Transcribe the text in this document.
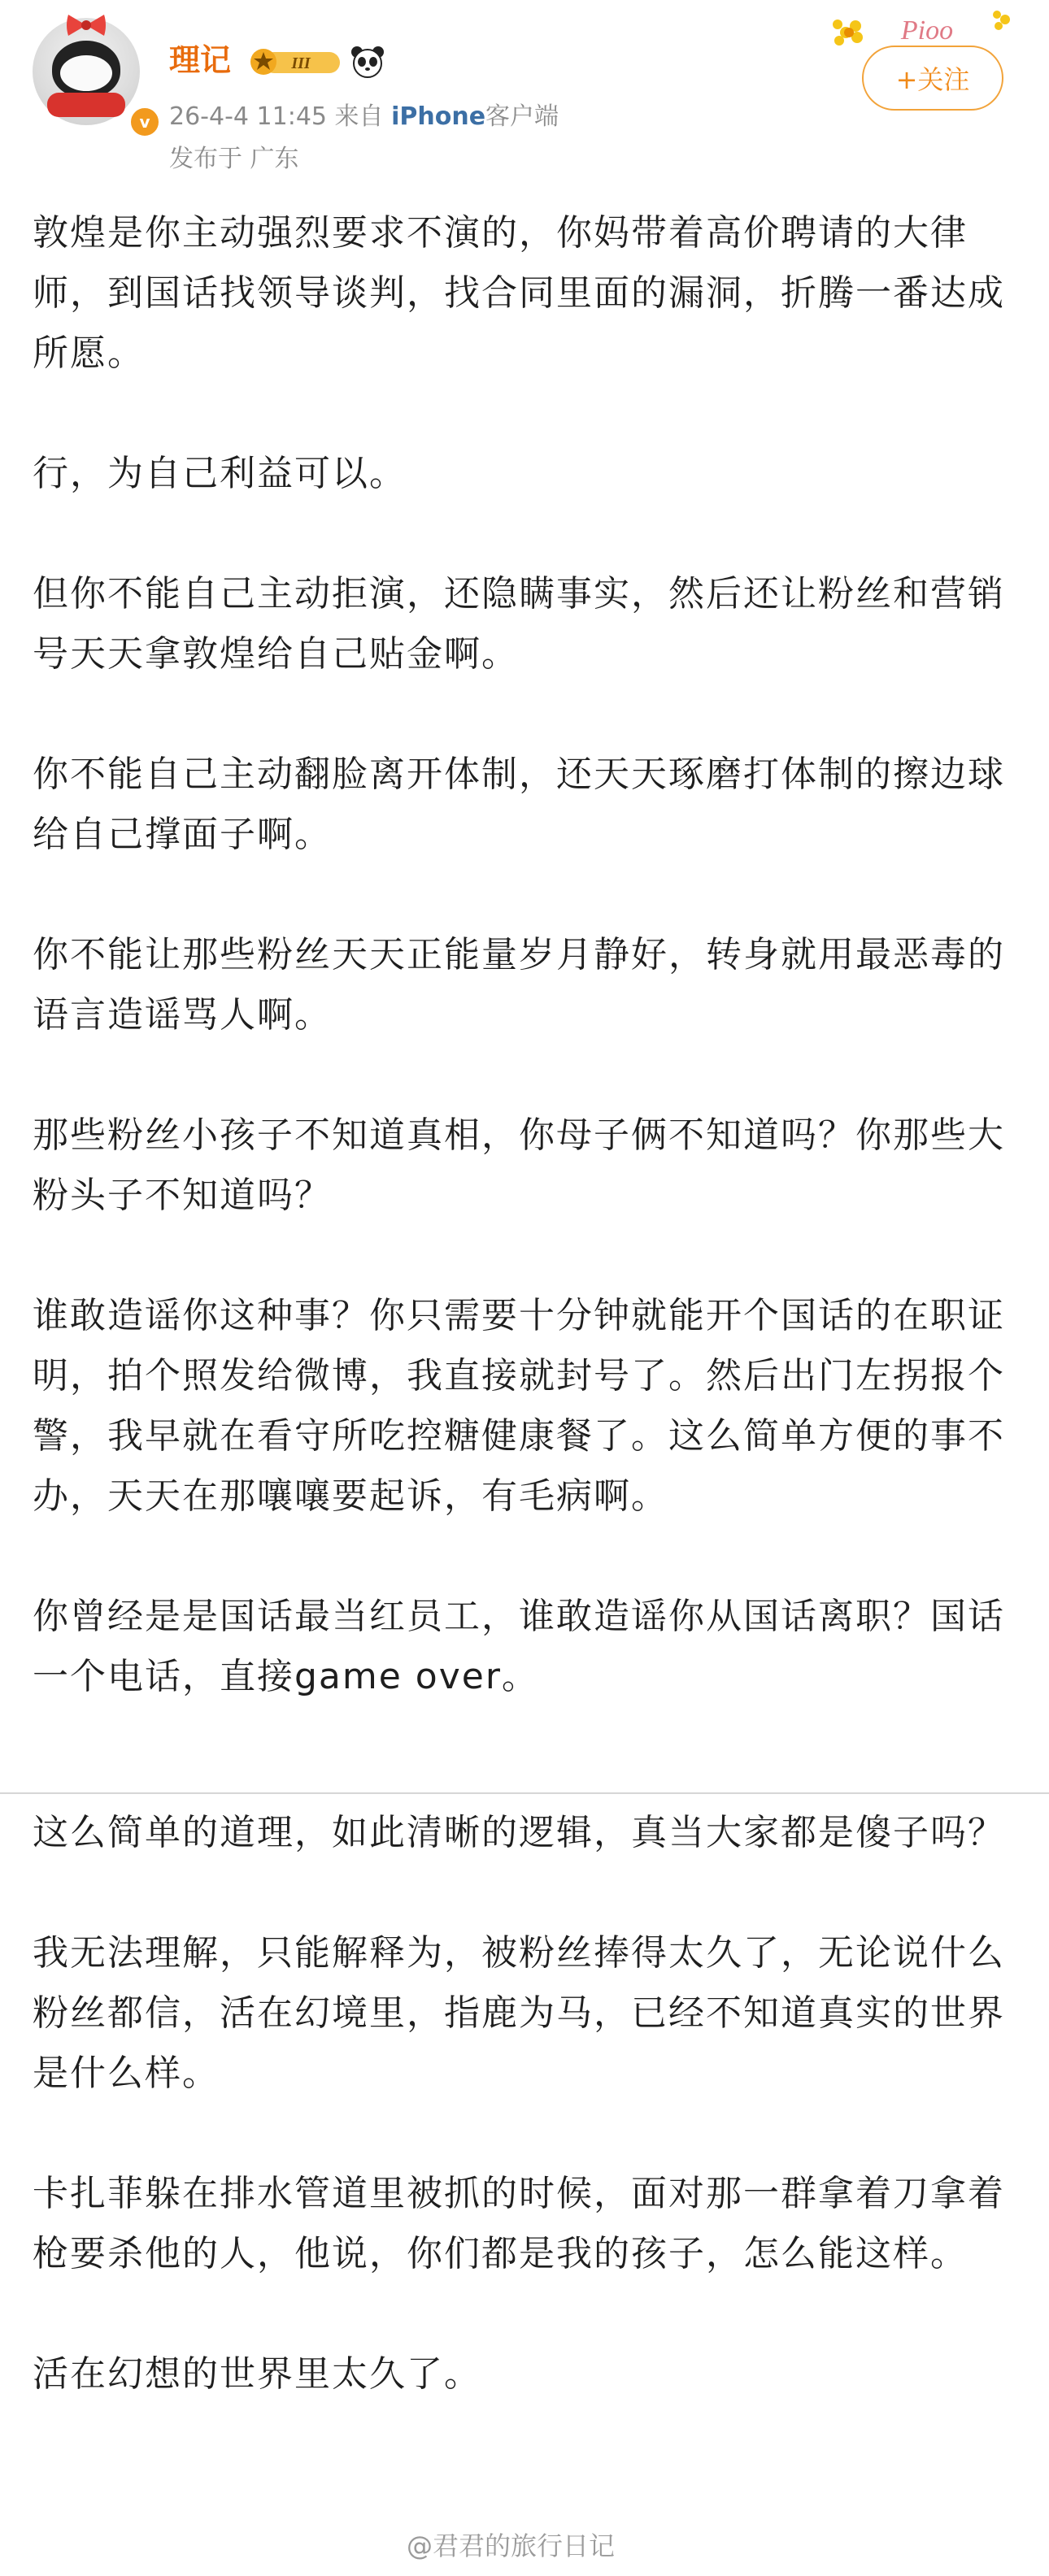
v
理记	III
26-4-4 11:45 来自 iPhone客户端
发布于 广东
Pioo
+关注

敦煌是你主动强烈要求不演的，你妈带着高价聘请的大律师，到国话找领导谈判，找合同里面的漏洞，折腾一番达成所愿。

行，为自己利益可以。

但你不能自己主动拒演，还隐瞒事实，然后还让粉丝和营销号天天拿敦煌给自己贴金啊。

你不能自己主动翻脸离开体制，还天天琢磨打体制的擦边球给自己撑面子啊。

你不能让那些粉丝天天正能量岁月静好，转身就用最恶毒的语言造谣骂人啊。

那些粉丝小孩子不知道真相，你母子俩不知道吗？你那些大粉头子不知道吗？

谁敢造谣你这种事？你只需要十分钟就能开个国话的在职证明，拍个照发给微博，我直接就封号了。然后出门左拐报个警，我早就在看守所吃控糖健康餐了。这么简单方便的事不办，天天在那嚷嚷要起诉，有毛病啊。

你曾经是是国话最当红员工，谁敢造谣你从国话离职？国话一个电话，直接game over。

这么简单的道理，如此清晰的逻辑，真当大家都是傻子吗？

我无法理解，只能解释为，被粉丝捧得太久了，无论说什么粉丝都信，活在幻境里，指鹿为马，已经不知道真实的世界是什么样。

卡扎菲躲在排水管道里被抓的时候，面对那一群拿着刀拿着枪要杀他的人，他说，你们都是我的孩子，怎么能这样。

活在幻想的世界里太久了。

@君君的旅行日记
